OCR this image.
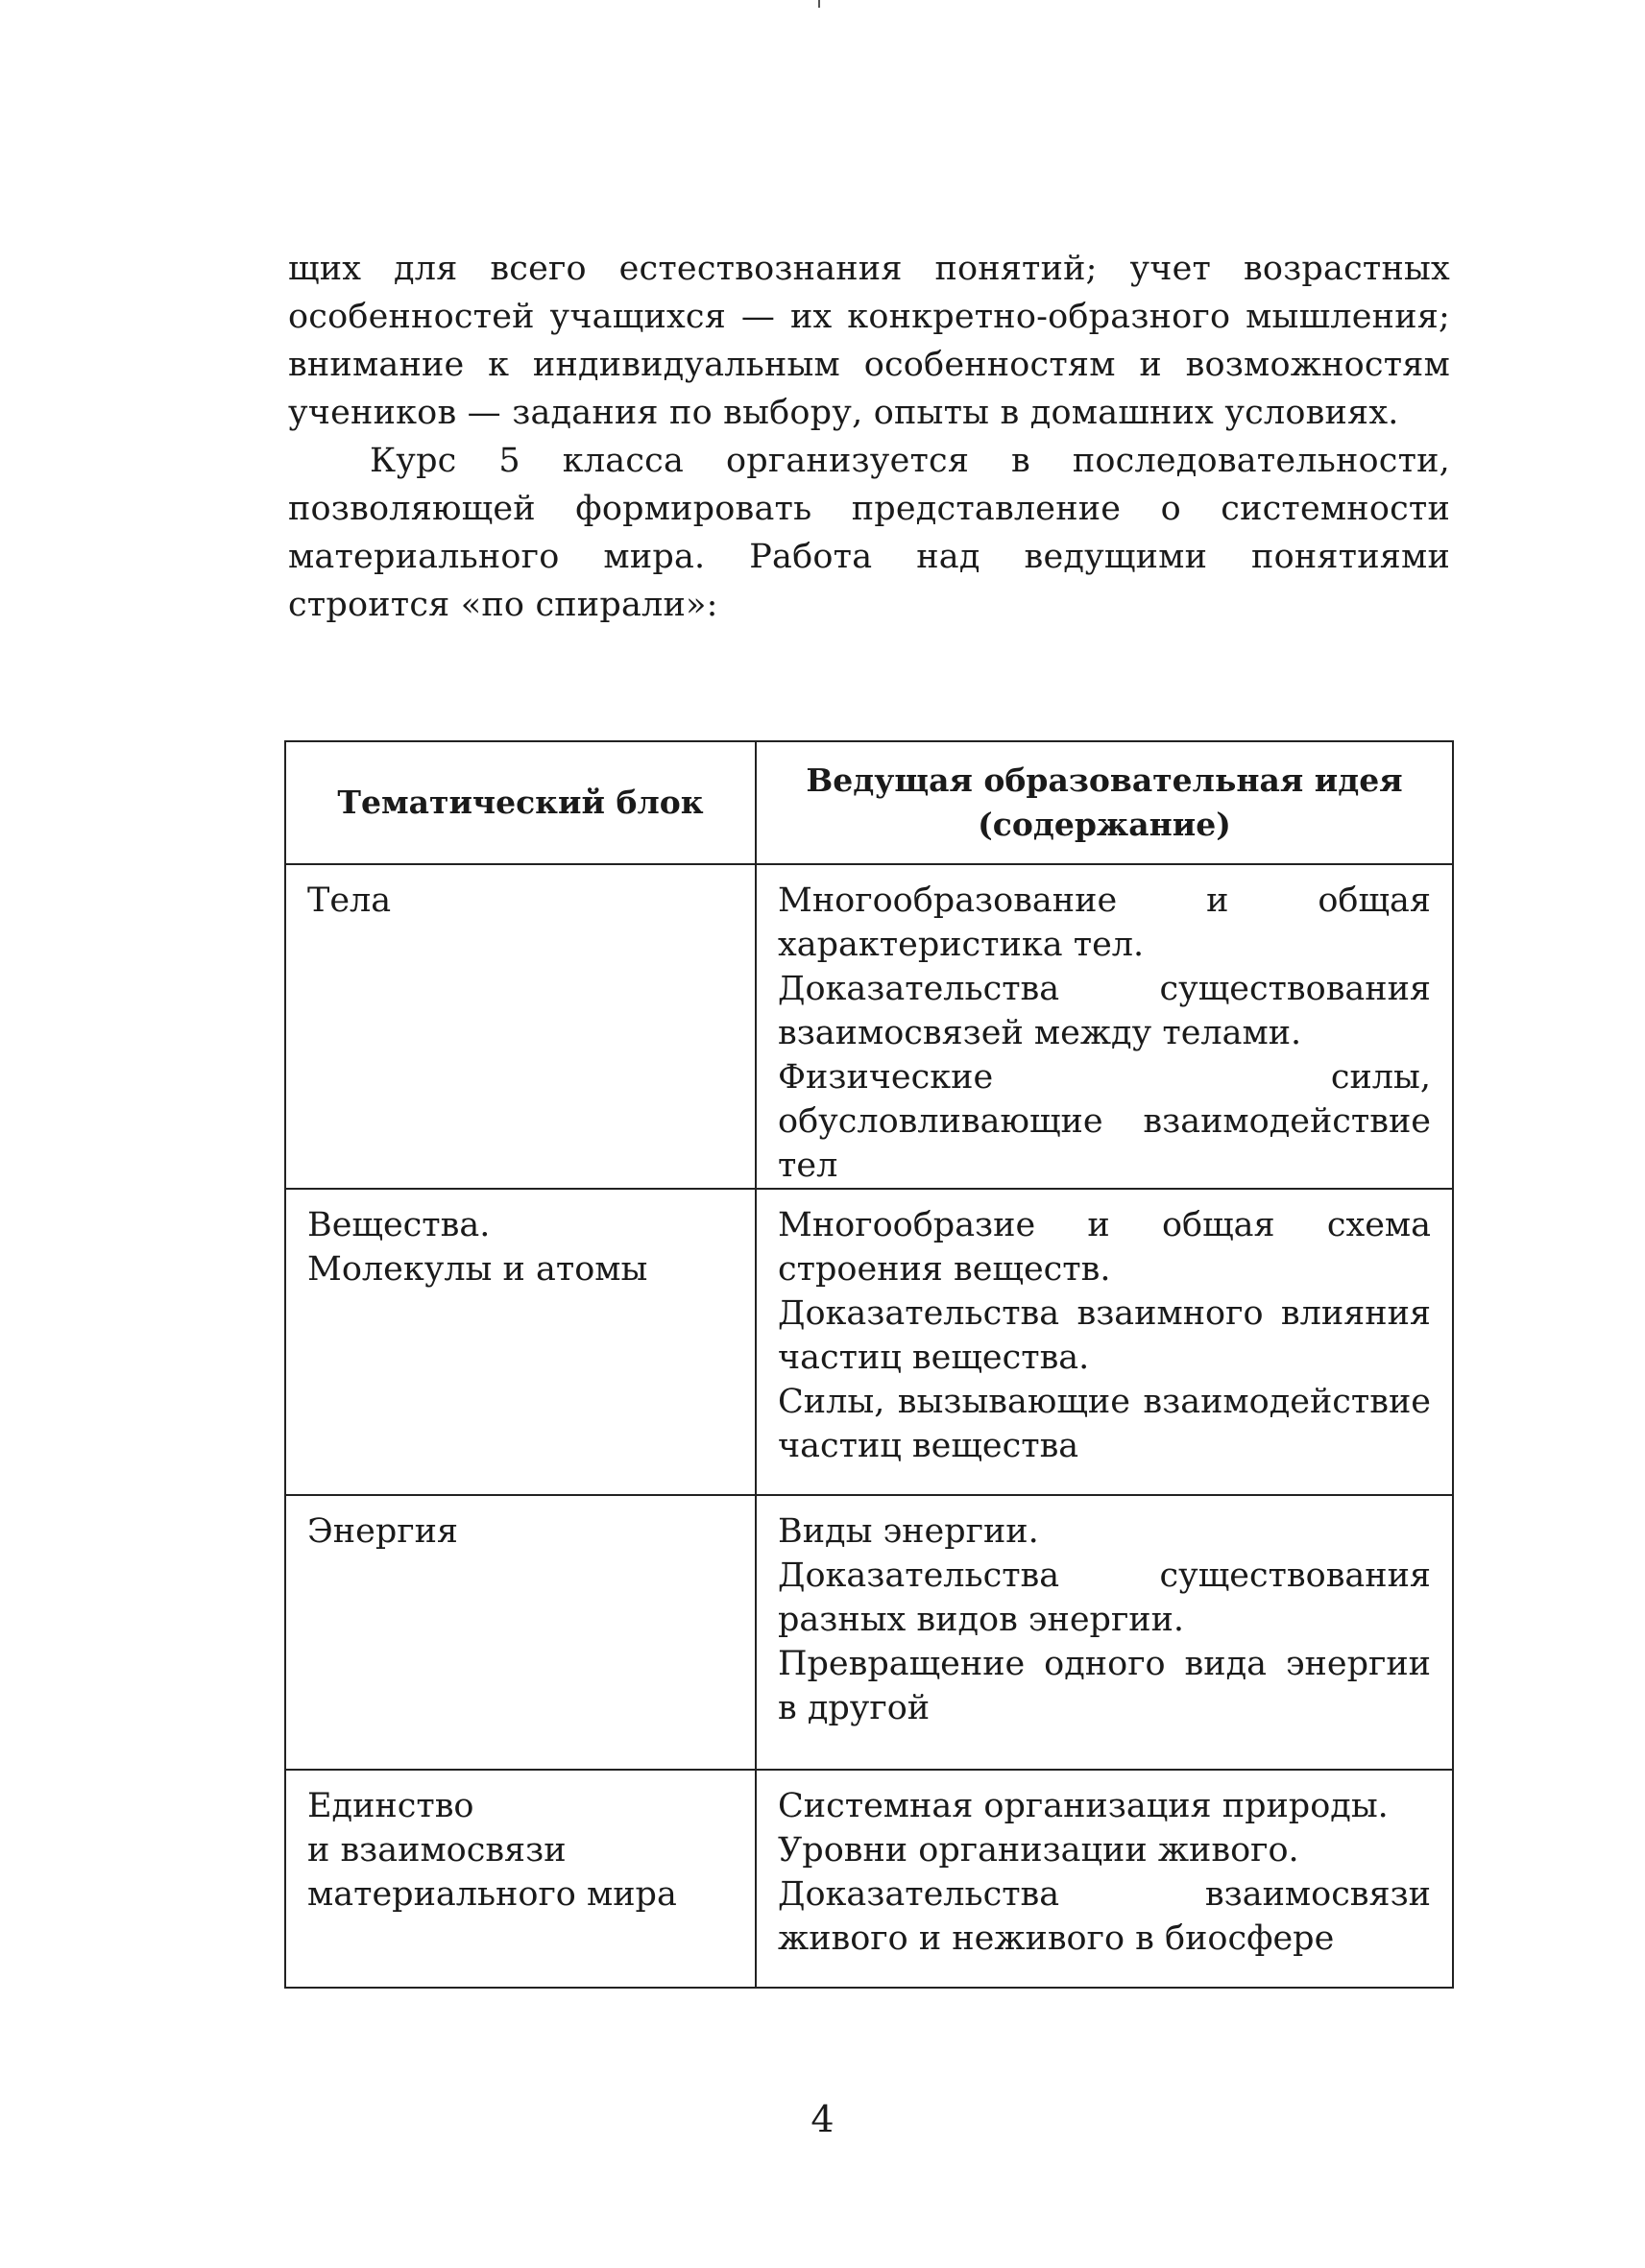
щих для всего естествознания понятий; учет возрастных особенностей учащихся — их конкретно-образного мышления; внимание к индивидуальным особенностям и возможностям учеников — задания по выбору, опыты в домашних условиях.

Курс 5 класса организуется в последовательности, позволяющей формировать представление о системности материального мира. Работа над ведущими понятиями строится «по спирали»:

Тематический блок	Ведущая образовательная идея (содержание)

Тела	Многообразование и общая характеристика тел.
Доказательства существования взаимосвязей между телами.
Физические силы, обусловливающие взаимодействие тел

Вещества.
Молекулы и атомы	Многообразие и общая схема строения веществ.
Доказательства взаимного влияния частиц вещества.
Силы, вызывающие взаимодействие частиц вещества

Энергия	Виды энергии.
Доказательства существования разных видов энергии.
Превращение одного вида энергии в другой

Единство
и взаимосвязи
материального мира	Системная организация природы.
Уровни организации живого.
Доказательства взаимосвязи живого и неживого в биосфере
4
